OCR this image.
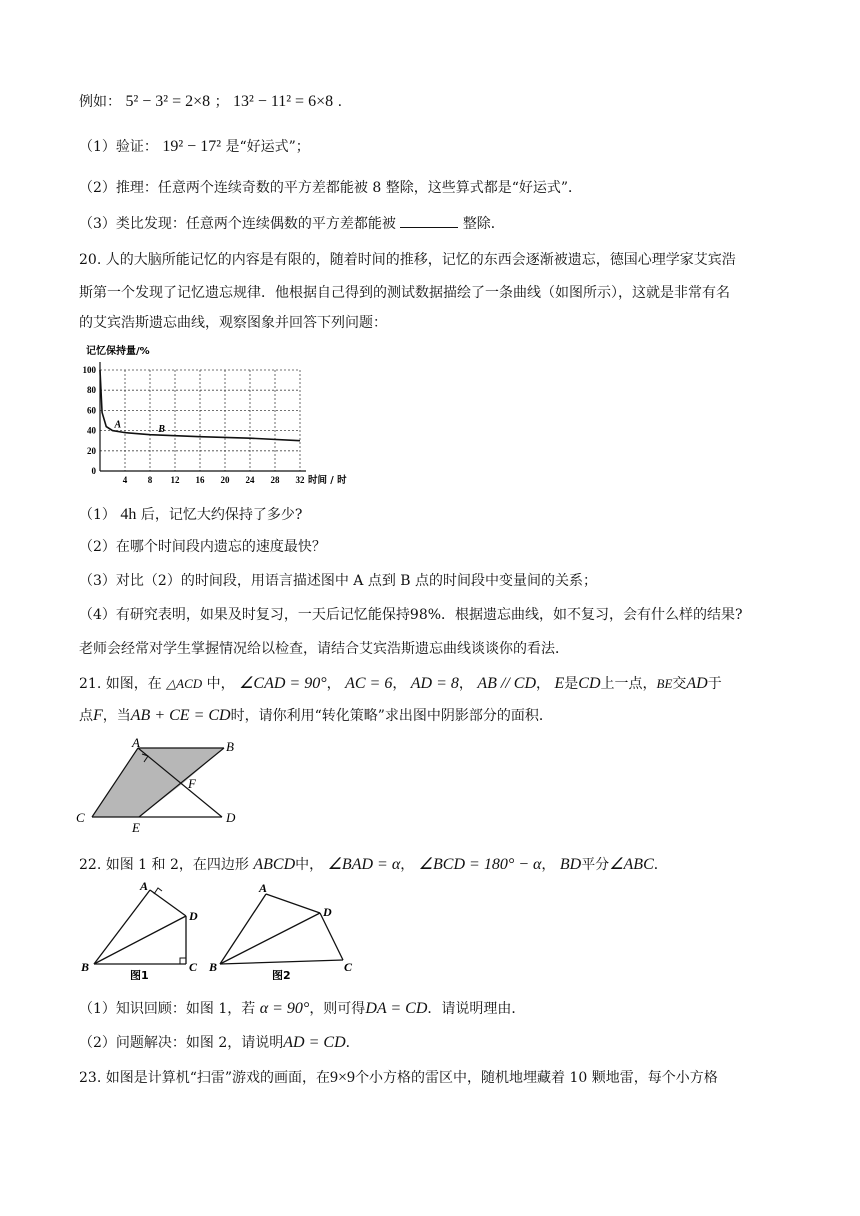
例如： 5² − 3² = 2×8 ； 13² − 11² = 6×8 .
（1）验证： 19² − 17² 是“好运式”；
（2）推理：任意两个连续奇数的平方差都能被 8 整除，这些算式都是“好运式”．
（3）类比发现：任意两个连续偶数的平方差都能被	整除．
20. 人的大脑所能记忆的内容是有限的，随着时间的推移，记忆的东西会逐渐被遗忘，德国心理学家艾宾浩
斯第一个发现了记忆遗忘规律．他根据自己得到的测试数据描绘了一条曲线（如图所示），这就是非常有名
的艾宾浩斯遗忘曲线，观察图象并回答下列问题：
4 8 12 16 20 24 28 32
0
20
40
60
80
100
记忆保持量/%
时间 / 时
A	B
（1） 4h 后，记忆大约保持了多少?
（2）在哪个时间段内遗忘的速度最快？
（3）对比（2）的时间段，用语言描述图中 A 点到 B 点的时间段中变量间的关系；
（4）有研究表明，如果及时复习，一天后记忆能保持98%．根据遗忘曲线，如不复习，会有什么样的结果?
老师会经常对学生掌握情况给以检查，请结合艾宾浩斯遗忘曲线谈谈你的看法．
21. 如图，在 △ACD 中， ∠CAD = 90°， AC = 6， AD = 8， AB // CD， E是CD上一点，BE交AD于
点F，当AB + CE = CD时，请你利用“转化策略”求出图中阴影部分的面积．
A	B
C	D
E
F
22. 如图 1 和 2，在四边形 ABCD中， ∠BAD = α， ∠BCD = 180° − α， BD平分∠ABC．
A
D
B	C
图1
A
D
B	C
图2
（1）知识回顾：如图 1，若 α = 90°，则可得DA = CD．请说明理由．
（2）问题解决：如图 2，请说明AD = CD．
23. 如图是计算机“扫雷”游戏的画面，在9×9个小方格的雷区中，随机地埋藏着 10 颗地雷，每个小方格
